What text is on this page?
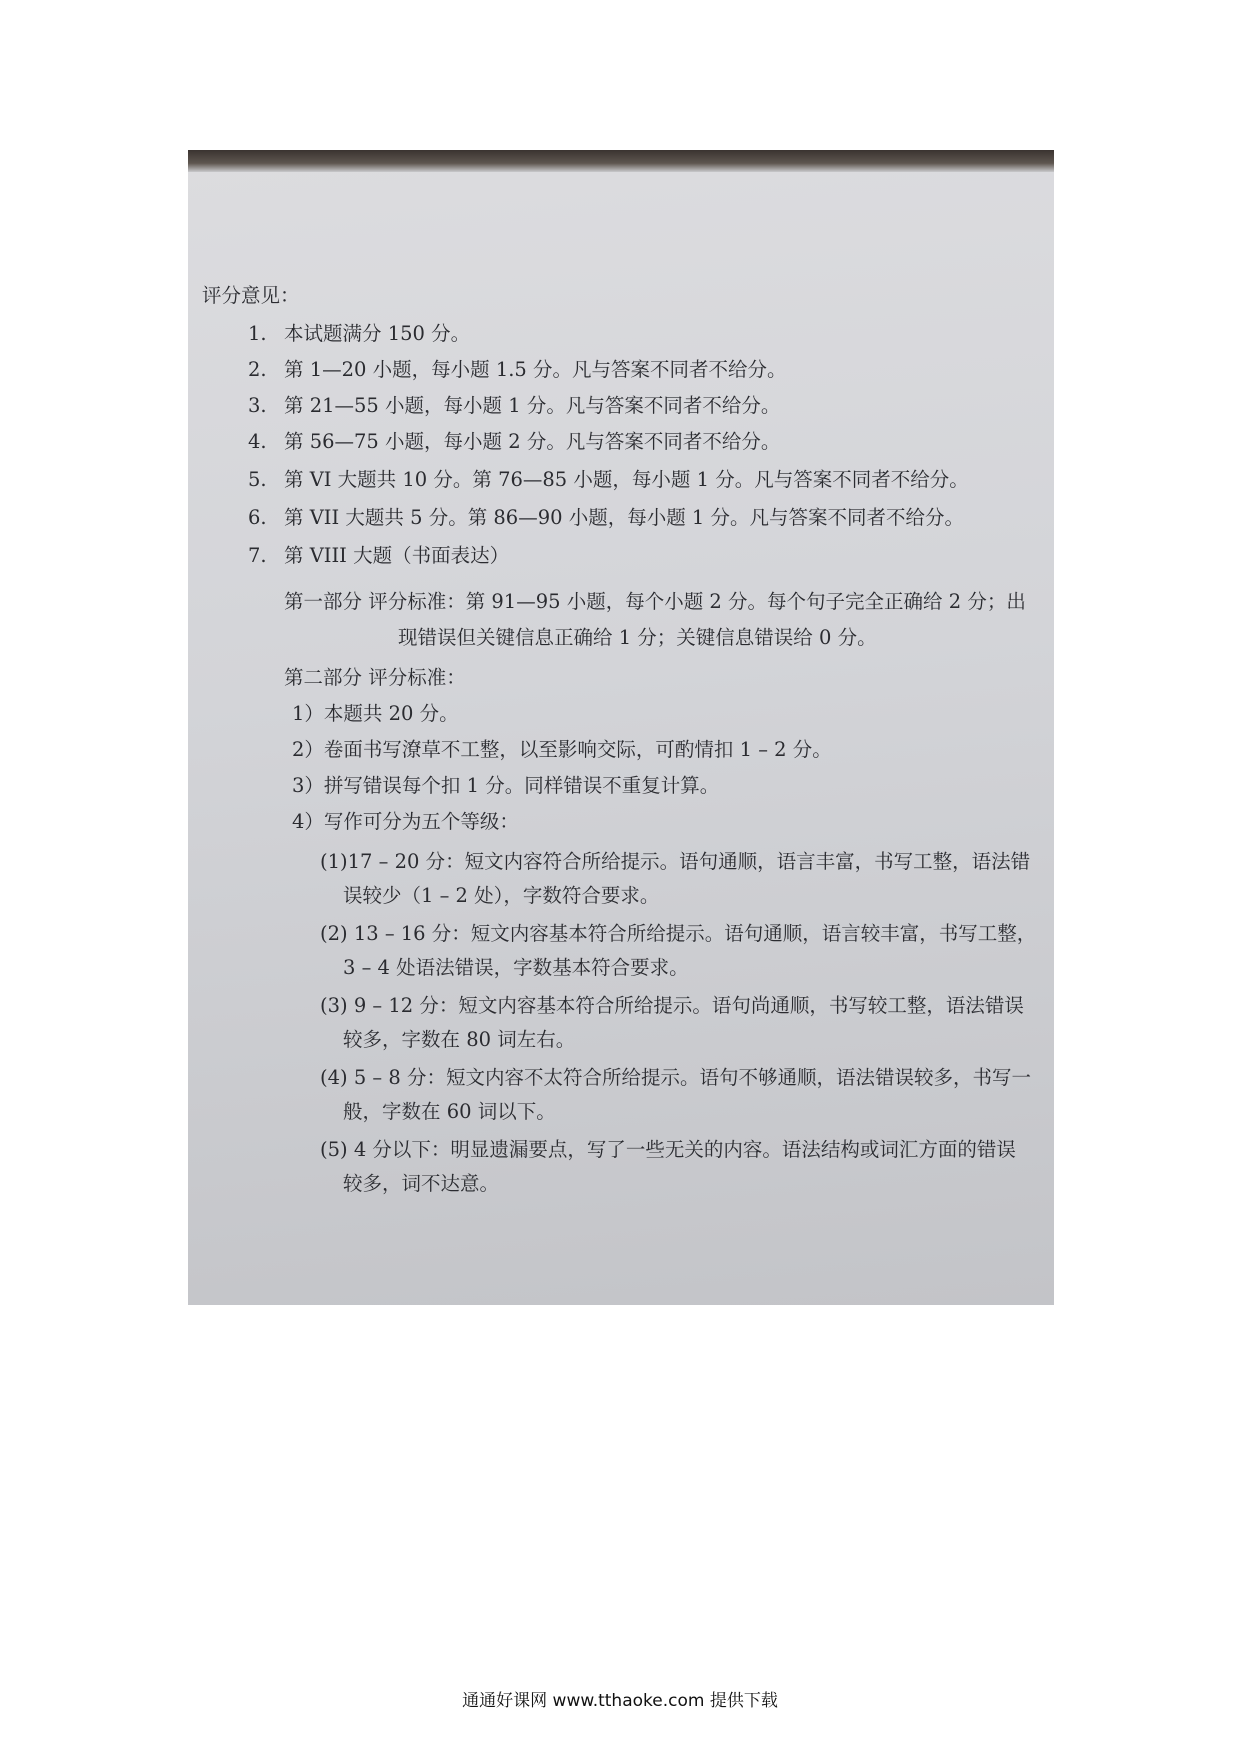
评分意见：
1. 本试题满分 150 分。
2. 第 1—20 小题，每小题 1.5 分。凡与答案不同者不给分。
3. 第 21—55 小题，每小题 1 分。凡与答案不同者不给分。
4. 第 56—75 小题，每小题 2 分。凡与答案不同者不给分。
5. 第 VI 大题共 10 分。第 76—85 小题，每小题 1 分。凡与答案不同者不给分。
6. 第 VII 大题共 5 分。第 86—90 小题，每小题 1 分。凡与答案不同者不给分。
7. 第 VIII 大题（书面表达）
第一部分 评分标准：第 91—95 小题，每个小题 2 分。每个句子完全正确给 2 分；出
现错误但关键信息正确给 1 分；关键信息错误给 0 分。
第二部分 评分标准：
1）本题共 20 分。
2）卷面书写潦草不工整，以至影响交际，可酌情扣 1 – 2 分。
3）拼写错误每个扣 1 分。同样错误不重复计算。
4）写作可分为五个等级：
(1)17 – 20 分：短文内容符合所给提示。语句通顺，语言丰富，书写工整，语法错
误较少（1 – 2 处），字数符合要求。
(2) 13 – 16 分：短文内容基本符合所给提示。语句通顺，语言较丰富，书写工整，
3 – 4 处语法错误，字数基本符合要求。
(3) 9 – 12 分：短文内容基本符合所给提示。语句尚通顺，书写较工整，语法错误
较多，字数在 80 词左右。
(4) 5 – 8 分：短文内容不太符合所给提示。语句不够通顺，语法错误较多，书写一
般，字数在 60 词以下。
(5) 4 分以下：明显遗漏要点，写了一些无关的内容。语法结构或词汇方面的错误
较多，词不达意。
通通好课网 www.tthaoke.com 提供下载
